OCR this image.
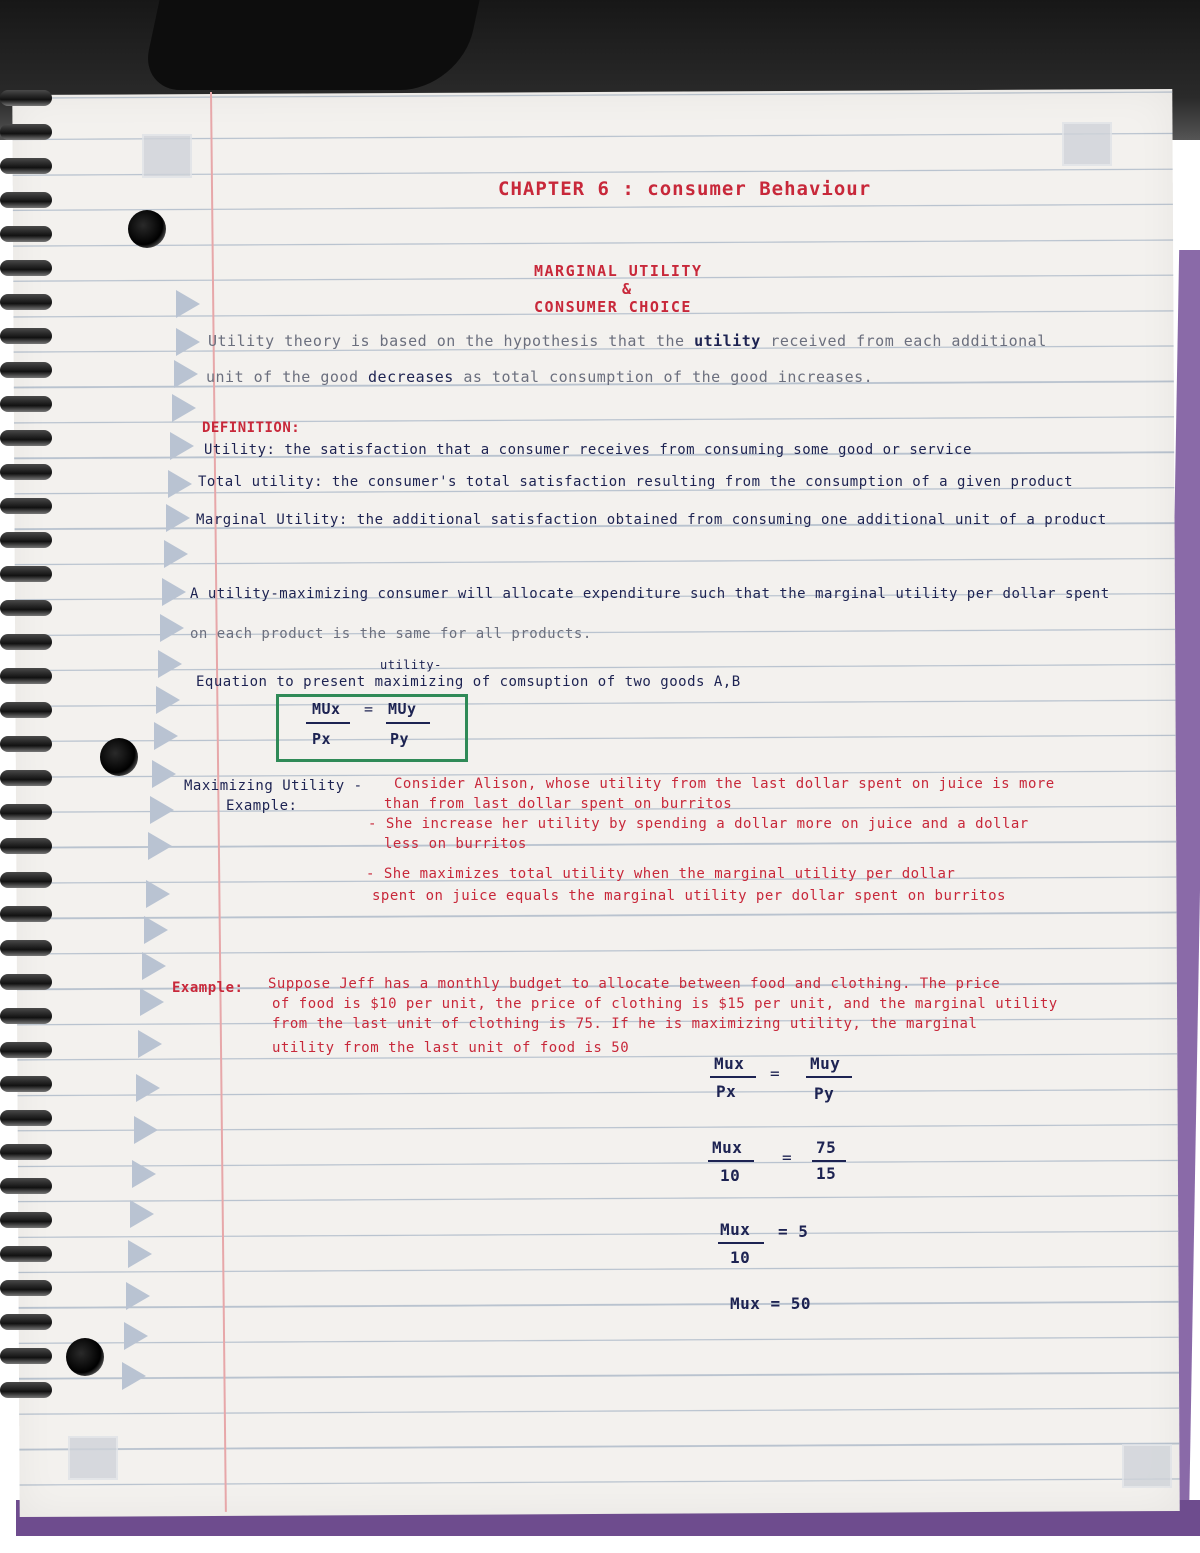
CHAPTER 6 : consumer Behaviour
MARGINAL UTILITY
&
CONSUMER CHOICE
Utility theory is based on the hypothesis that the utility received from each additional
unit of the good decreases as total consumption of the good increases.
DEFINITION:
Utility: the satisfaction that a consumer receives from consuming some good or service
Total utility: the consumer's total satisfaction resulting from the consumption of a given product
Marginal Utility: the additional satisfaction obtained from consuming one additional unit of a product
A utility-maximizing consumer will allocate expenditure such that the marginal utility per dollar spent
on each product is the same for all products.
utility-
Equation to present maximizing of comsuption of two goods A,B
MUx = MUy
Px	Py
Maximizing Utility -
Example:
Consider Alison, whose utility from the last dollar spent on juice is more
than from last dollar spent on burritos
- She increase her utility by spending a dollar more on juice and a dollar
less on burritos
- She maximizes total utility when the marginal utility per dollar
spent on juice equals the marginal utility per dollar spent on burritos
Example: Suppose Jeff has a monthly budget to allocate between food and clothing. The price
of food is $10 per unit, the price of clothing is $15 per unit, and the marginal utility
from the last unit of clothing is 75. If he is maximizing utility, the marginal
utility from the last unit of food is 50
Mux
Px
=
Muy
Py
Mux
10
=
75
15
Mux
10
= 5
Mux = 50
